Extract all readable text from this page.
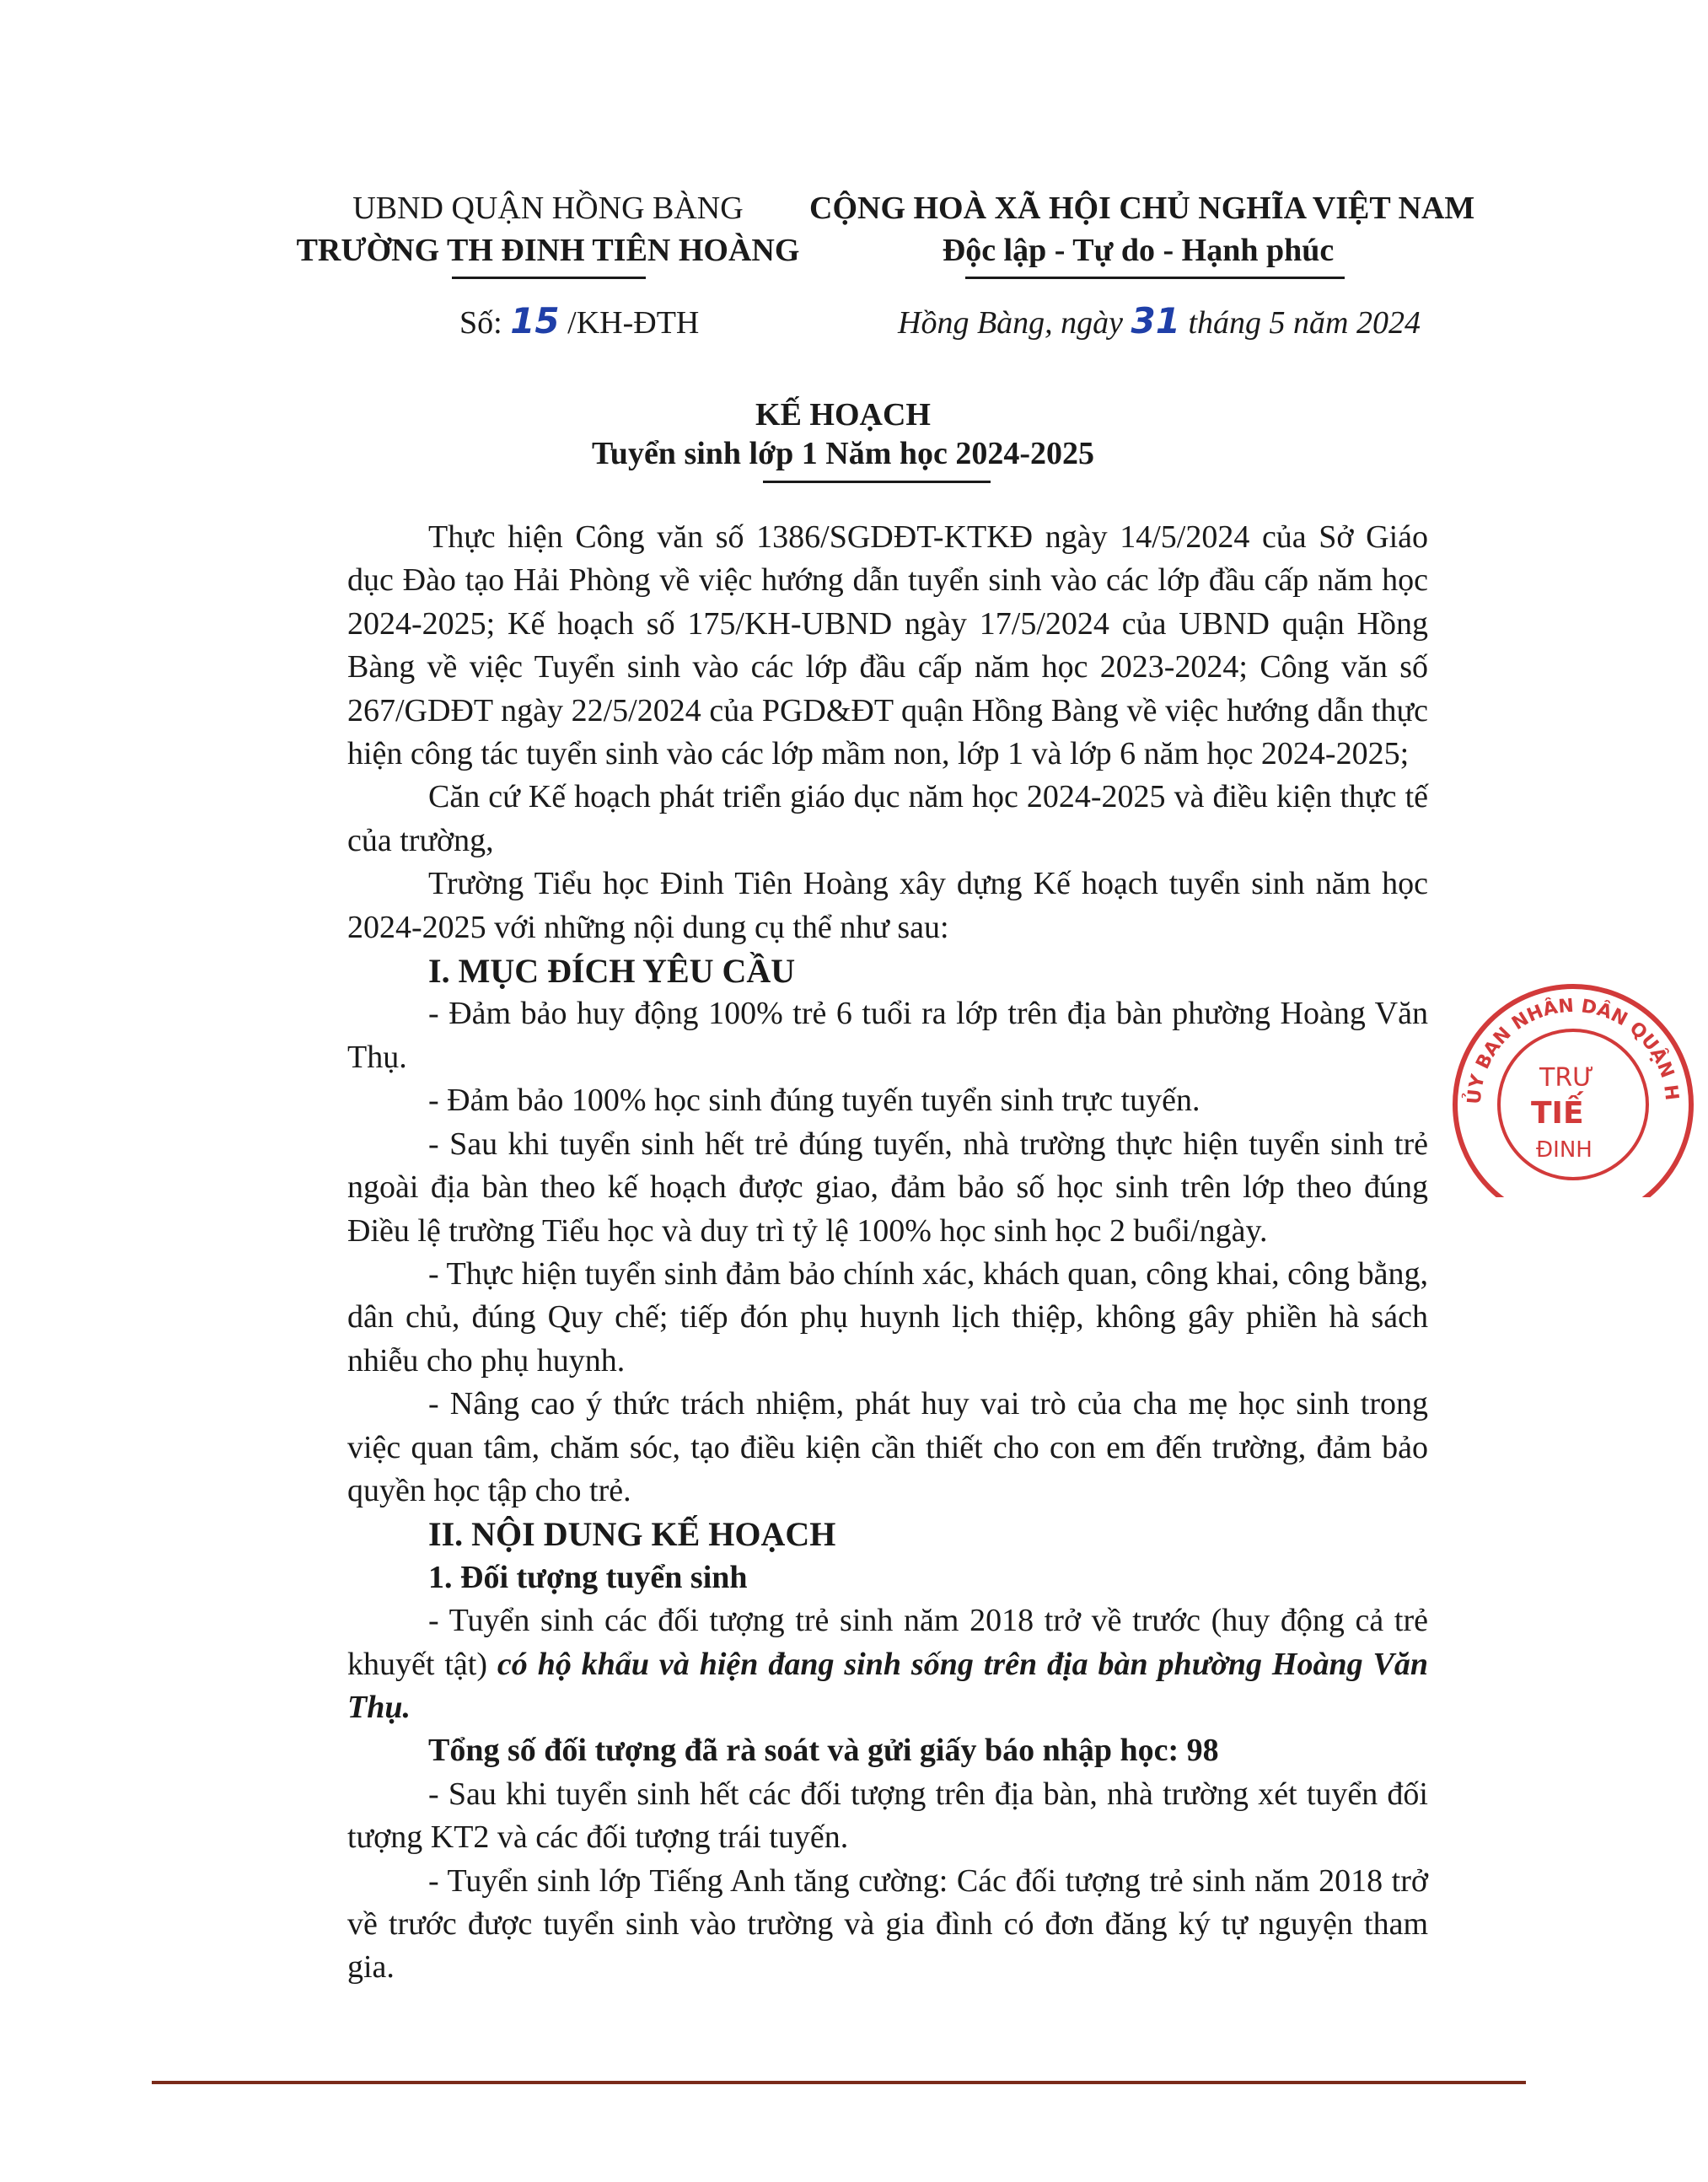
UBND QUẬN HỒNG BÀNG
TRƯỜNG TH ĐINH TIÊN HOÀNG
CỘNG HOÀ XÃ HỘI CHỦ NGHĨA VIỆT NAM
Độc lập - Tự do - Hạnh phúc
Số: 15 /KH-ĐTH	Hồng Bàng, ngày 31 tháng 5 năm 2024
KẾ HOẠCH
Tuyển sinh lớp 1 Năm học 2024-2025

Thực hiện Công văn số 1386/SGDĐT-KTKĐ ngày 14/5/2024 của Sở Giáo dục Đào tạo Hải Phòng về việc hướng dẫn tuyển sinh vào các lớp đầu cấp năm học 2024-2025; Kế hoạch số 175/KH-UBND ngày 17/5/2024 của UBND quận Hồng Bàng về việc Tuyển sinh vào các lớp đầu cấp năm học 2023-2024; Công văn số 267/GDĐT ngày 22/5/2024 của PGD&ĐT quận Hồng Bàng về việc hướng dẫn thực hiện công tác tuyển sinh vào các lớp mầm non, lớp 1 và lớp 6 năm học 2024-2025;

Căn cứ Kế hoạch phát triển giáo dục năm học 2024-2025 và điều kiện thực tế của trường,

Trường Tiểu học Đinh Tiên Hoàng xây dựng Kế hoạch tuyển sinh năm học 2024-2025 với những nội dung cụ thể như sau:

I. MỤC ĐÍCH YÊU CẦU

- Đảm bảo huy động 100% trẻ 6 tuổi ra lớp trên địa bàn phường Hoàng Văn Thụ.

- Đảm bảo 100% học sinh đúng tuyến tuyển sinh trực tuyến.

- Sau khi tuyển sinh hết trẻ đúng tuyến, nhà trường thực hiện tuyển sinh trẻ ngoài địa bàn theo kế hoạch được giao, đảm bảo số học sinh trên lớp theo đúng Điều lệ trường Tiểu học và duy trì tỷ lệ 100% học sinh học 2 buổi/ngày.

- Thực hiện tuyển sinh đảm bảo chính xác, khách quan, công khai, công bằng, dân chủ, đúng Quy chế; tiếp đón phụ huynh lịch thiệp, không gây phiền hà sách nhiễu cho phụ huynh.

- Nâng cao ý thức trách nhiệm, phát huy vai trò của cha mẹ học sinh trong việc quan tâm, chăm sóc, tạo điều kiện cần thiết cho con em đến trường, đảm bảo quyền học tập cho trẻ.

II. NỘI DUNG KẾ HOẠCH

1. Đối tượng tuyển sinh

- Tuyển sinh các đối tượng trẻ sinh năm 2018 trở về trước (huy động cả trẻ khuyết tật) có hộ khẩu và hiện đang sinh sống trên địa bàn phường Hoàng Văn Thụ.

Tổng số đối tượng đã rà soát và gửi giấy báo nhập học: 98

- Sau khi tuyển sinh hết các đối tượng trên địa bàn, nhà trường xét tuyển đối tượng KT2 và các đối tượng trái tuyến.

- Tuyển sinh lớp Tiếng Anh tăng cường: Các đối tượng trẻ sinh năm 2018 trở về trước được tuyển sinh vào trường và gia đình có đơn đăng ký tự nguyện tham gia.

ỦY BAN NHÂN DÂN QUẬN H
TRƯ
TIẾ
ĐINH
